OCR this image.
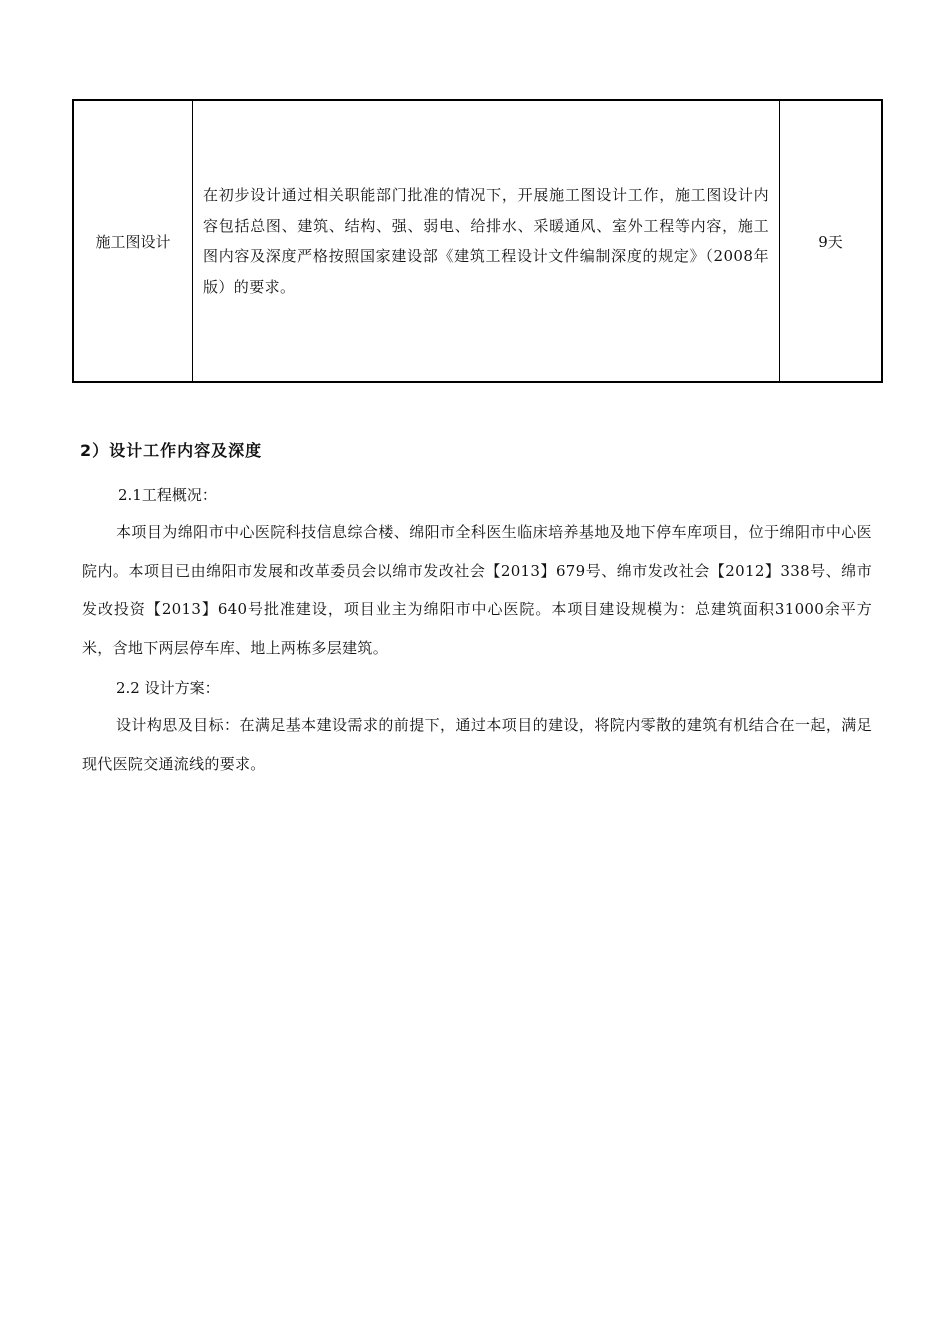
施工图设计	在初步设计通过相关职能部门批准的情况下，开展施工图设计工作，施工图设计内容包括总图、建筑、结构、强、弱电、给排水、采暖通风、室外工程等内容，施工图内容及深度严格按照国家建设部《建筑工程设计文件编制深度的规定》（2008年版）的要求。	9天
2）设计工作内容及深度

2.1工程概况：

本项目为绵阳市中心医院科技信息综合楼、绵阳市全科医生临床培养基地及地下停车库项目，位于绵阳市中心医院内。本项目已由绵阳市发展和改革委员会以绵市发改社会【2013】679号、绵市发改社会【2012】338号、绵市发改投资【2013】640号批准建设，项目业主为绵阳市中心医院。本项目建设规模为：总建筑面积31000余平方米，含地下两层停车库、地上两栋多层建筑。

2.2 设计方案：

设计构思及目标：在满足基本建设需求的前提下，通过本项目的建设，将院内零散的建筑有机结合在一起，满足现代医院交通流线的要求。
